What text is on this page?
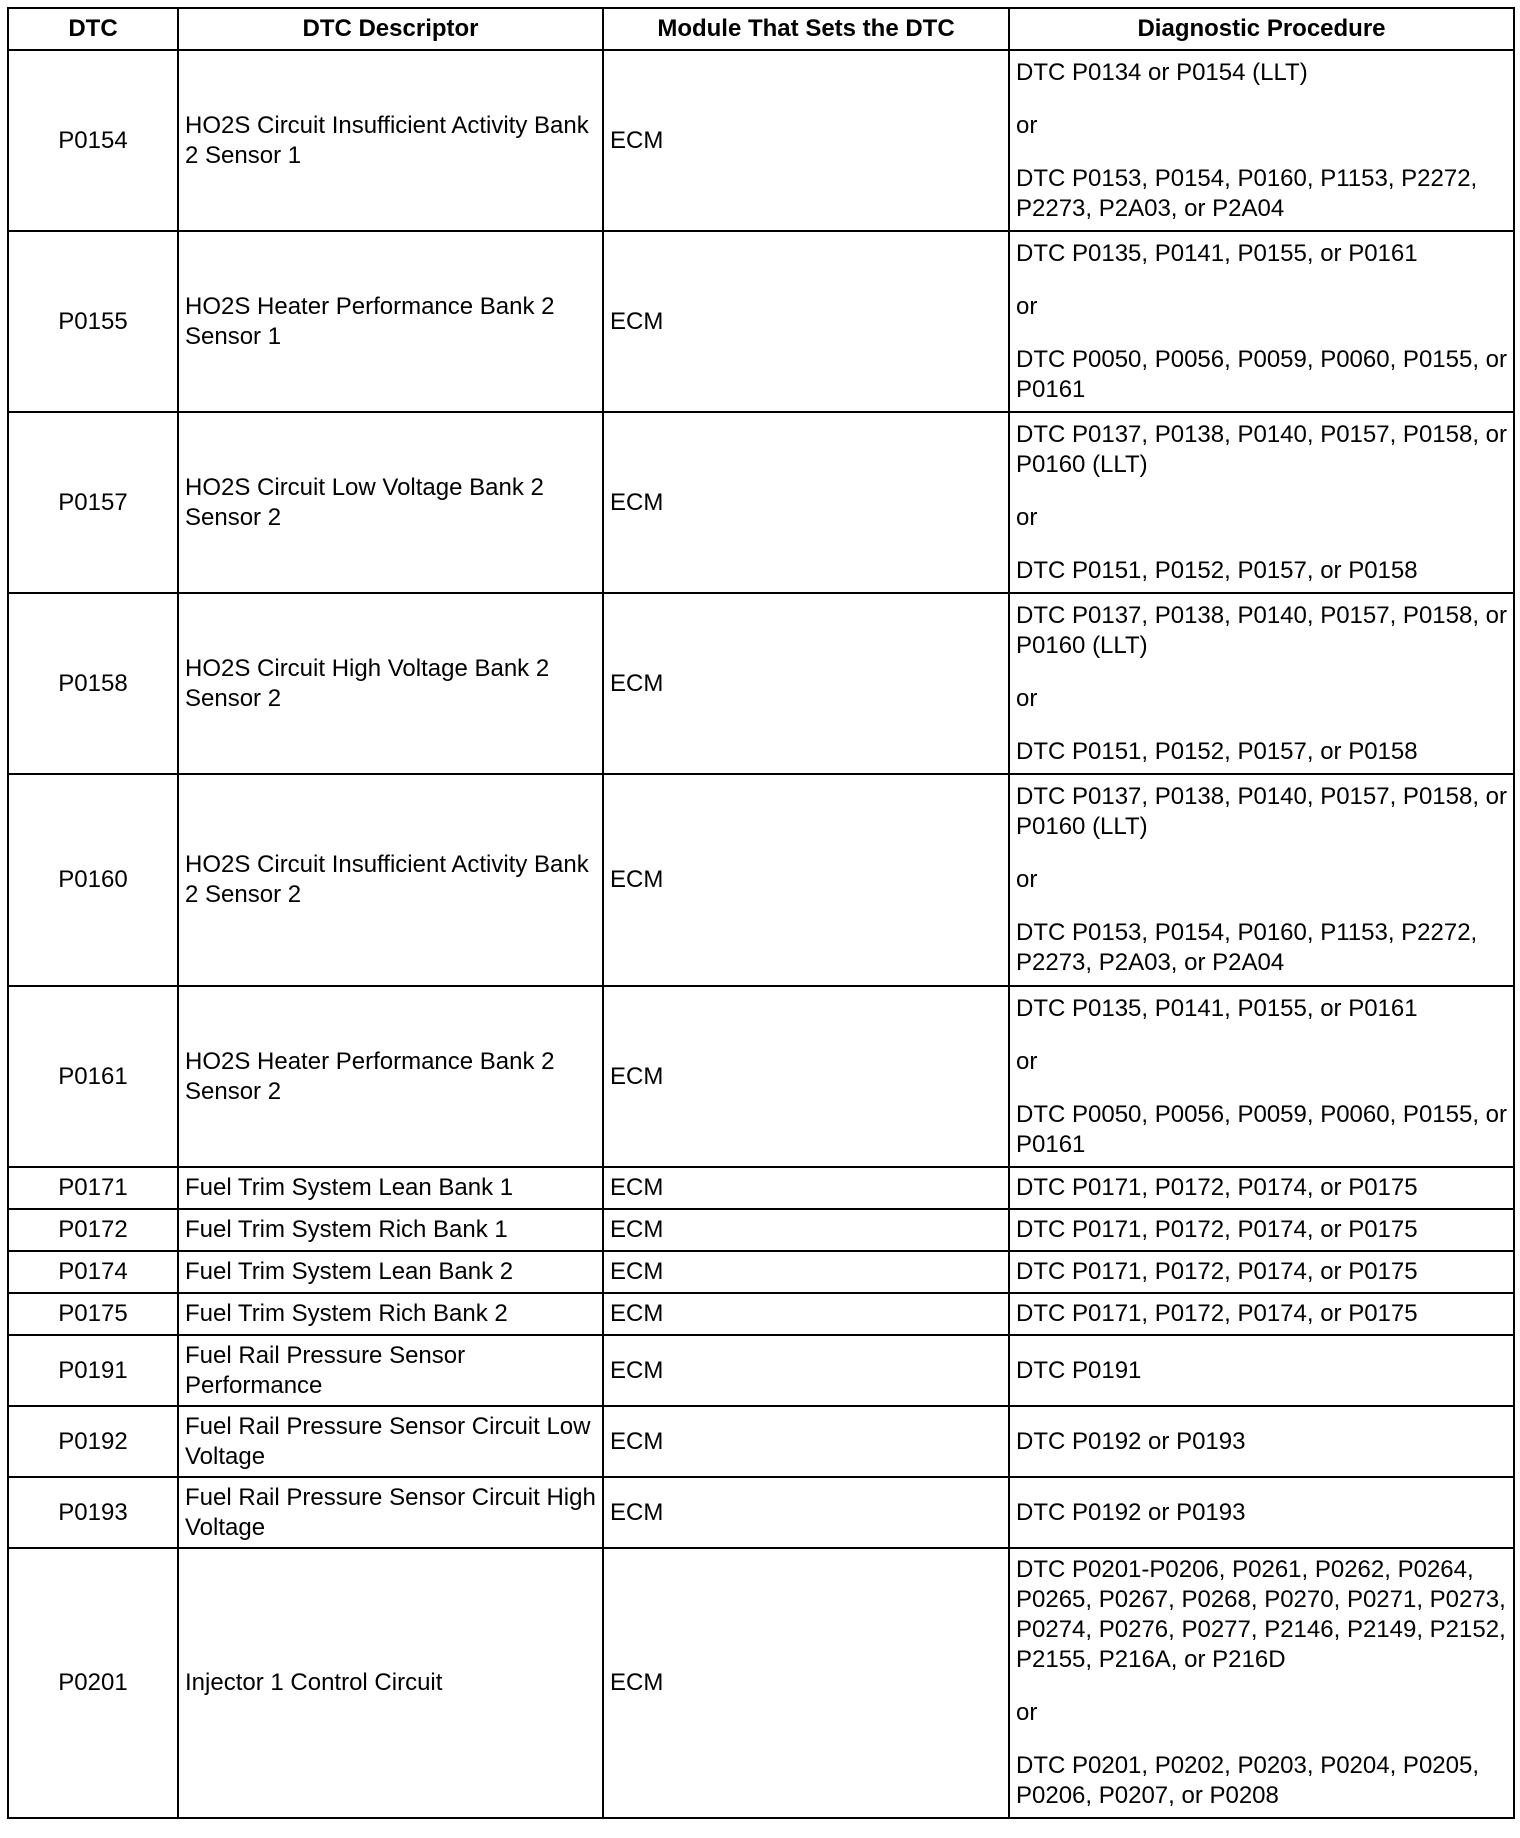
DTC	DTC Descriptor	Module That Sets the DTC	Diagnostic Procedure
P0154	HO2S Circuit Insufficient Activity Bank 2 Sensor 1	ECM	DTC P0134 or P0154 (LLT)
or
DTC P0153, P0154, P0160, P1153, P2272, P2273, P2A03, or P2A04

P0155	HO2S Heater Performance Bank 2 Sensor 1	ECM	DTC P0135, P0141, P0155, or P0161
or
DTC P0050, P0056, P0059, P0060, P0155, or P0161

P0157	HO2S Circuit Low Voltage Bank 2 Sensor 2	ECM	DTC P0137, P0138, P0140, P0157, P0158, or P0160 (LLT)
or
DTC P0151, P0152, P0157, or P0158

P0158	HO2S Circuit High Voltage Bank 2 Sensor 2	ECM	DTC P0137, P0138, P0140, P0157, P0158, or P0160 (LLT)
or
DTC P0151, P0152, P0157, or P0158

P0160	HO2S Circuit Insufficient Activity Bank 2 Sensor 2	ECM	DTC P0137, P0138, P0140, P0157, P0158, or P0160 (LLT)
or
DTC P0153, P0154, P0160, P1153, P2272, P2273, P2A03, or P2A04

P0161	HO2S Heater Performance Bank 2 Sensor 2	ECM	DTC P0135, P0141, P0155, or P0161
or
DTC P0050, P0056, P0059, P0060, P0155, or P0161

P0171	Fuel Trim System Lean Bank 1	ECM	DTC P0171, P0172, P0174, or P0175

P0172	Fuel Trim System Rich Bank 1	ECM	DTC P0171, P0172, P0174, or P0175

P0174	Fuel Trim System Lean Bank 2	ECM	DTC P0171, P0172, P0174, or P0175

P0175	Fuel Trim System Rich Bank 2	ECM	DTC P0171, P0172, P0174, or P0175

P0191	Fuel Rail Pressure Sensor Performance	ECM	DTC P0191

P0192	Fuel Rail Pressure Sensor Circuit Low Voltage	ECM	DTC P0192 or P0193

P0193	Fuel Rail Pressure Sensor Circuit High Voltage	ECM	DTC P0192 or P0193

P0201	Injector 1 Control Circuit	ECM	DTC P0201-P0206, P0261, P0262, P0264, P0265, P0267, P0268, P0270, P0271, P0273, P0274, P0276, P0277, P2146, P2149, P2152, P2155, P216A, or P216D
or
DTC P0201, P0202, P0203, P0204, P0205, P0206, P0207, or P0208
